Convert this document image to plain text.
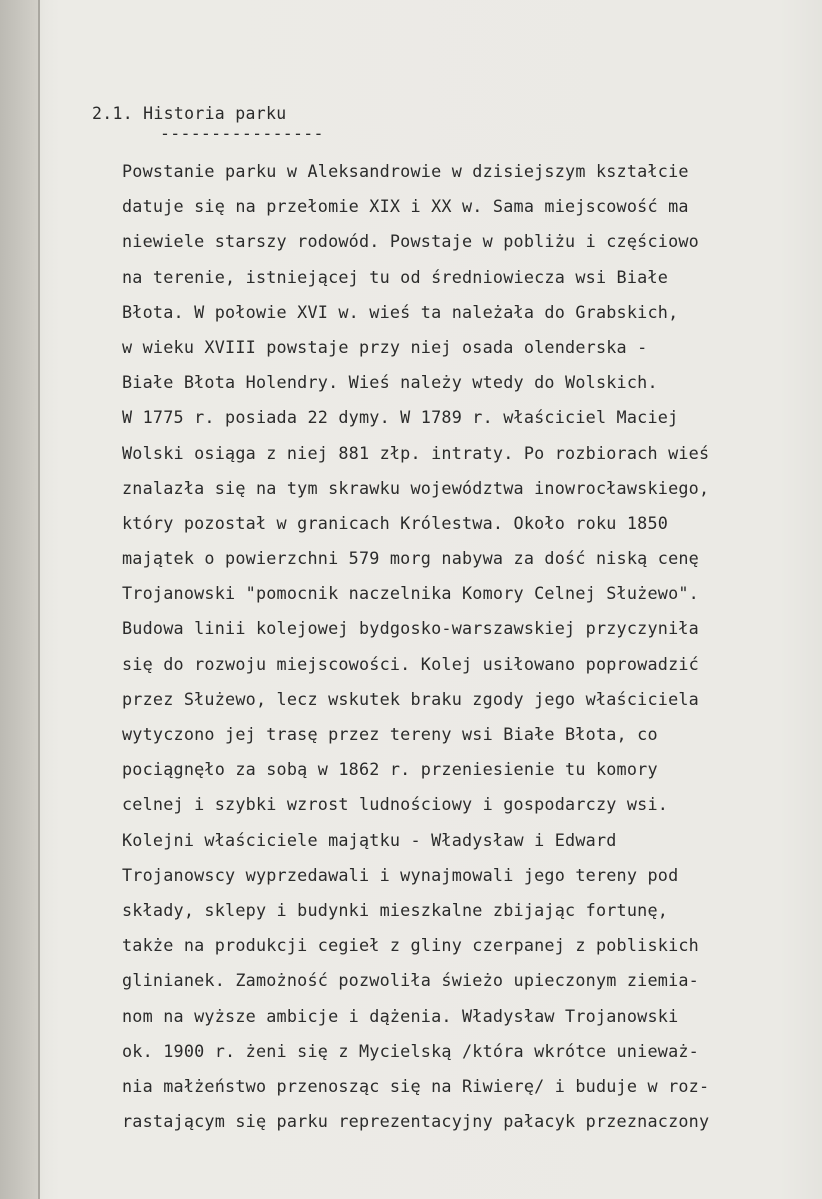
2.1. Historia parku
----------------
Powstanie parku w Aleksandrowie w dzisiejszym kształcie
datuje się na przełomie XIX i XX w. Sama miejscowość ma
niewiele starszy rodowód. Powstaje w pobliżu i częściowo
na terenie, istniejącej tu od średniowiecza wsi Białe
Błota. W połowie XVI w. wieś ta należała do Grabskich,
w wieku XVIII powstaje przy niej osada olenderska -
Białe Błota Holendry. Wieś należy wtedy do Wolskich.
W 1775 r. posiada 22 dymy. W 1789 r. właściciel Maciej
Wolski osiąga z niej 881 złp. intraty. Po rozbiorach wieś
znalazła się na tym skrawku województwa inowrocławskiego,
który pozostał w granicach Królestwa. Około roku 1850
majątek o powierzchni 579 morg nabywa za dość niską cenę
Trojanowski "pomocnik naczelnika Komory Celnej Służewo".
Budowa linii kolejowej bydgosko-warszawskiej przyczyniła
się do rozwoju miejscowości. Kolej usiłowano poprowadzić
przez Służewo, lecz wskutek braku zgody jego właściciela
wytyczono jej trasę przez tereny wsi Białe Błota, co
pociągnęło za sobą w 1862 r. przeniesienie tu komory
celnej i szybki wzrost ludnościowy i gospodarczy wsi.
Kolejni właściciele majątku - Władysław i Edward
Trojanowscy wyprzedawali i wynajmowali jego tereny pod
składy, sklepy i budynki mieszkalne zbijając fortunę,
także na produkcji cegieł z gliny czerpanej z pobliskich
glinianek. Zamożność pozwoliła świeżo upieczonym ziemia-
nom na wyższe ambicje i dążenia. Władysław Trojanowski
ok. 1900 r. żeni się z Mycielską /która wkrótce unieważ-
nia małżeństwo przenosząc się na Riwierę/ i buduje w roz-
rastającym się parku reprezentacyjny pałacyk przeznaczony
